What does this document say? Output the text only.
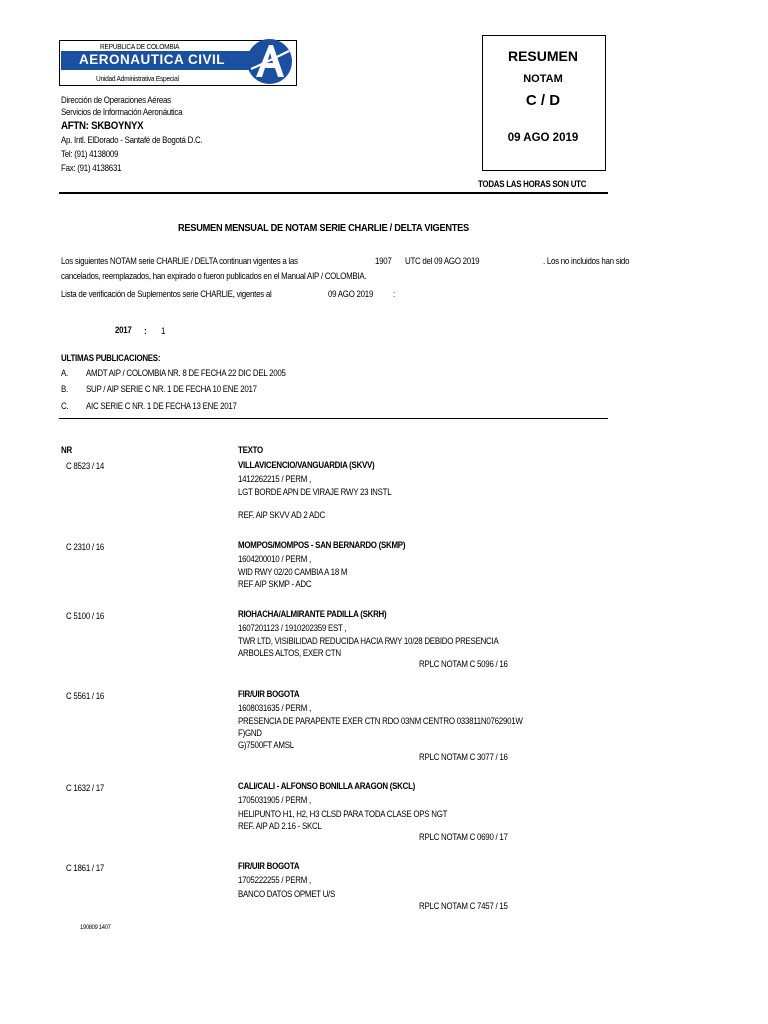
REPUBLICA DE COLOMBIA
AERONAUTICA CIVIL
Unidad Administrativa Especial
Dirección de Operaciones Aéreas
Servicios de Información Aeronáutica
AFTN: SKBOYNYX
Ap. Intl. ElDorado - Santafé de Bogotá D.C.
Tel: (91) 4138009
Fax: (91) 4138631
RESUMEN
NOTAM
C / D
09 AGO 2019
TODAS LAS HORAS SON UTC
RESUMEN MENSUAL DE NOTAM SERIE CHARLIE / DELTA VIGENTES
Los siguientes NOTAM serie CHARLIE / DELTA continuan vigentes a las	1907 UTC del 09 AGO 2019	. Los no incluidos han sido
cancelados, reemplazados, han expirado o fueron publicados en el Manual AIP / COLOMBIA.
Lista de verificación de Suplementos serie CHARLIE, vigentes al	09 AGO 2019 :
2017 : 1
ULTIMAS PUBLICACIONES:
A. AMDT AIP / COLOMBIA NR. 8 DE FECHA 22 DIC DEL 2005
B. SUP / AIP SERIE C NR. 1 DE FECHA 10 ENE 2017
C. AIC SERIE C NR. 1 DE FECHA 13 ENE 2017
NR	TEXTO
C 8523 / 14	VILLAVICENCIO/VANGUARDIA (SKVV)
1412262215 / PERM ,
LGT BORDE APN DE VIRAJE RWY 23 INSTL
REF. AIP SKVV AD 2 ADC
C 2310 / 16	MOMPOS/MOMPOS - SAN BERNARDO (SKMP)
1604200010 / PERM ,
WID RWY 02/20 CAMBIA A 18 M
REF AIP SKMP - ADC
C 5100 / 16	RIOHACHA/ALMIRANTE PADILLA (SKRH)
1607201123 / 1910202359 EST ,
TWR LTD, VISIBILIDAD REDUCIDA HACIA RWY 10/28 DEBIDO PRESENCIA
ARBOLES ALTOS, EXER CTN
RPLC NOTAM C 5096 / 16
C 5561 / 16	FIR/UIR BOGOTA
1608031635 / PERM ,
PRESENCIA DE PARAPENTE EXER CTN RDO 03NM CENTRO 033811N0762901W
F)GND
G)7500FT AMSL
RPLC NOTAM C 3077 / 16
C 1632 / 17	CALI/CALI - ALFONSO BONILLA ARAGON (SKCL)
1705031905 / PERM ,
HELIPUNTO H1, H2, H3 CLSD PARA TODA CLASE OPS NGT
REF. AIP AD 2.16 - SKCL
RPLC NOTAM C 0690 / 17
C 1861 / 17	FIR/UIR BOGOTA
1705222255 / PERM ,
BANCO DATOS OPMET U/S
RPLC NOTAM C 7457 / 15
190809 1407
